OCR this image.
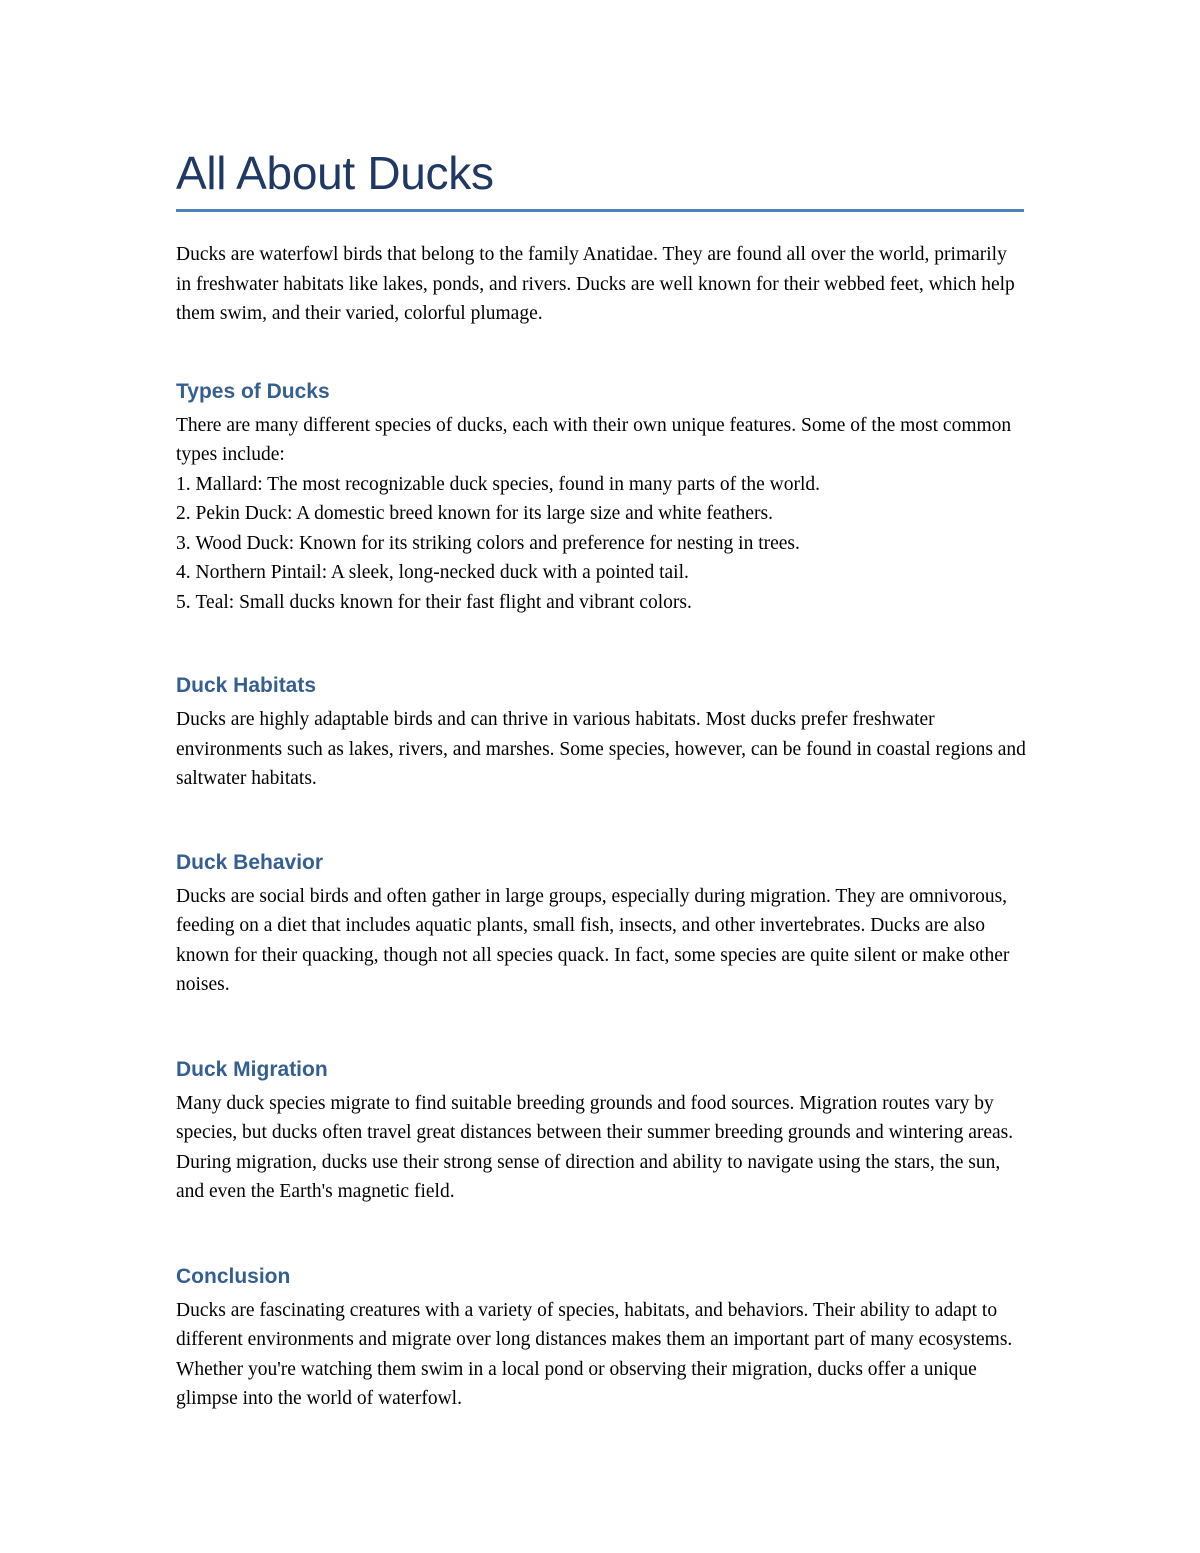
All About Ducks

Ducks are waterfowl birds that belong to the family Anatidae. They are found all over the world, primarily in freshwater habitats like lakes, ponds, and rivers. Ducks are well known for their webbed feet, which help them swim, and their varied, colorful plumage.

Types of Ducks

There are many different species of ducks, each with their own unique features. Some of the most common types include:

1. Mallard: The most recognizable duck species, found in many parts of the world.
2. Pekin Duck: A domestic breed known for its large size and white feathers.
3. Wood Duck: Known for its striking colors and preference for nesting in trees.
4. Northern Pintail: A sleek, long-necked duck with a pointed tail.
5. Teal: Small ducks known for their fast flight and vibrant colors.
Duck Habitats

Ducks are highly adaptable birds and can thrive in various habitats. Most ducks prefer freshwater environments such as lakes, rivers, and marshes. Some species, however, can be found in coastal regions and saltwater habitats.

Duck Behavior

Ducks are social birds and often gather in large groups, especially during migration. They are omnivorous, feeding on a diet that includes aquatic plants, small fish, insects, and other invertebrates. Ducks are also known for their quacking, though not all species quack. In fact, some species are quite silent or make other noises.

Duck Migration

Many duck species migrate to find suitable breeding grounds and food sources. Migration routes vary by species, but ducks often travel great distances between their summer breeding grounds and wintering areas. During migration, ducks use their strong sense of direction and ability to navigate using the stars, the sun, and even the Earth's magnetic field.

Conclusion

Ducks are fascinating creatures with a variety of species, habitats, and behaviors. Their ability to adapt to different environments and migrate over long distances makes them an important part of many ecosystems. Whether you're watching them swim in a local pond or observing their migration, ducks offer a unique glimpse into the world of waterfowl.
